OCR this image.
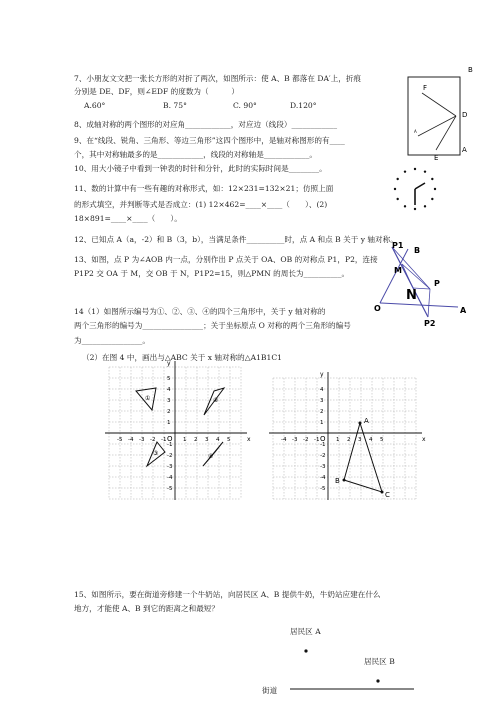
7、小朋友文文把一张长方形的对折了两次，如图所示：使 A、B 都落在 DA′上，折痕
分别是 DE、DF，则∠EDF 的度数为（　　　）
A.60°	B. 75°	C. 90°	D.120°
8、成轴对称的两个图形的对应角____________，对应边（线段）____________
9、在“线段、锐角、三角形、等边三角形”这四个图形中，是轴对称图形的有____
个，其中对称轴最多的是____________，线段的对称轴是____________。
10、用大小镜子中看到一钟表的时针和分针，此时的实际时间是________。
11、数的计算中有一些有趣的对称形式，如：12×231=132×21；仿照上面
的形式填空，并判断等式是否成立：(1) 12×462=____×____（　　）、(2)
18×891=____×____（　　）。
12、已知点 A（a，-2）和 B（3，b），当满足条件__________时，点 A 和点 B 关于 y 轴对称。
13、如图，点 P 为∠AOB 内一点，分别作出 P 点关于 OA、OB 的对称点 P1，P2，连接
P1P2 交 OA 于 M，交 OB 于 N，P1P2=15，则△PMN 的周长为__________。
14（1）如图所示编号为①、②、③、④的四个三角形中，关于 y 轴对称的
两个三角形的编号为________________；关于坐标原点 O 对称的两个三角形的编号
为________________。
（2）在图 4 中，画出与△ABC 关于 x 轴对称的△A1B1C1
15、如图所示，要在街道旁修建一个牛奶站，向居民区 A、B 提供牛奶，牛奶站应建在什么
地方，才能使 A、B 到它的距离之和最短？
B
F
D
A
E
A
P1
B
M
P
N
O	A
P2
x
y
O
-5 -4 -3 -2 -1	1 2 3 4 5
5
4
3
2
1
-1
-2
-3
-4
-5
①	②
③	④
x
y
O
-4 -3 -2 -1	1 2 3 4 5
4
3
2
1
-1
-2
-3
-4
-5
A
B
C
居民区 A
居民区 B
街道
